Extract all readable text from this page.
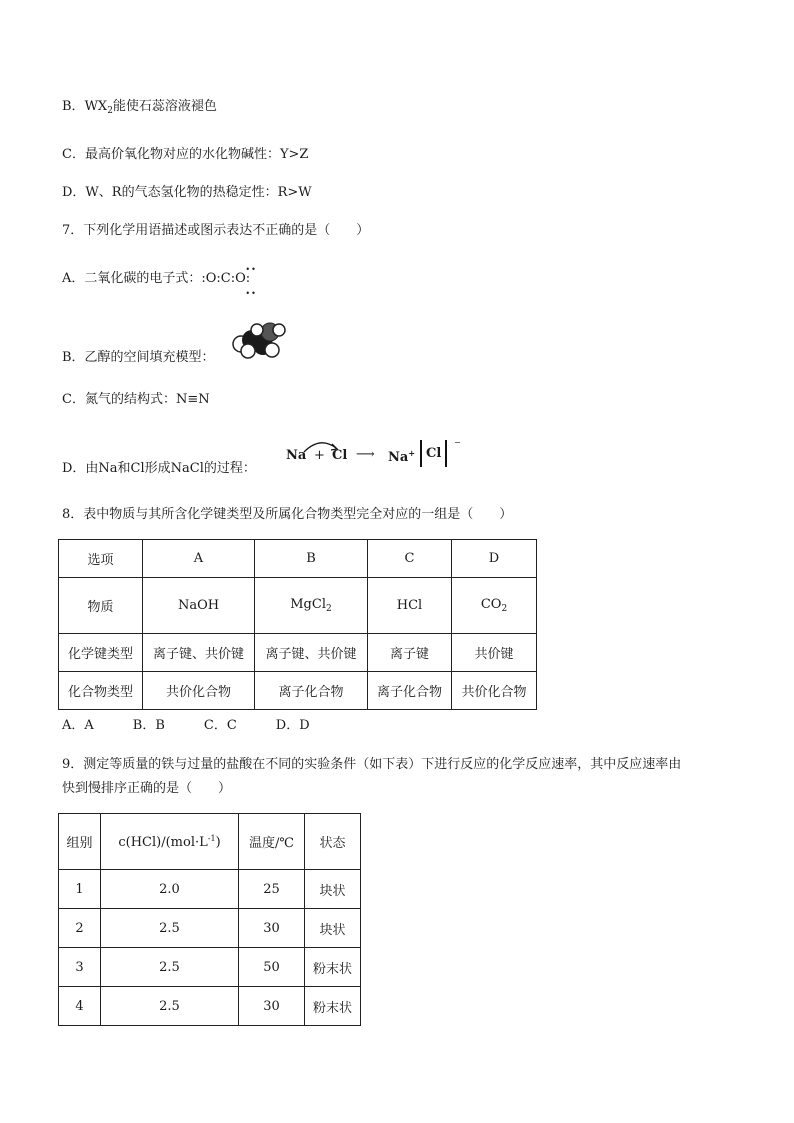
B．$WX_2$能使石蕊溶液褪色
C．最高价氧化物对应的水化物碱性：Y>Z
D．W、R的气态氢化物的热稳定性：R>W
7．下列化学用语描述或图示表达不正确的是（　　）
A．二氧化碳的电子式：:O:C:O:
••
••
B．乙醇的空间填充模型：
C．氮气的结构式：N≡N
D．由Na和Cl形成NaCl的过程：
Na + Cl ⟶ Na+ Cl
−
8．表中物质与其所含化学键类型及所属化合物类型完全对应的一组是（　　）
选项	A	B	C	D
物质	NaOH	MgCl$_2$	HCl	$CO_2$
化学键类型	离子键、共价键	离子键、共价键	离子键	共价键
化合物类型	共价化合物	离子化合物	离子化合物	共价化合物
A．A　　　B．B　　　C．C　　　D．D
9．测定等质量的铁与过量的盐酸在不同的实验条件（如下表）下进行反应的化学反应速率，其中反应速率由
快到慢排序正确的是（　　）
组别	$c(HCl)/(mol\cdot L^{-1})$	温度/℃	状态
1	2.0	25	块状
2	2.5	30	块状
3	2.5	50	粉末状
4	2.5	30	粉末状
